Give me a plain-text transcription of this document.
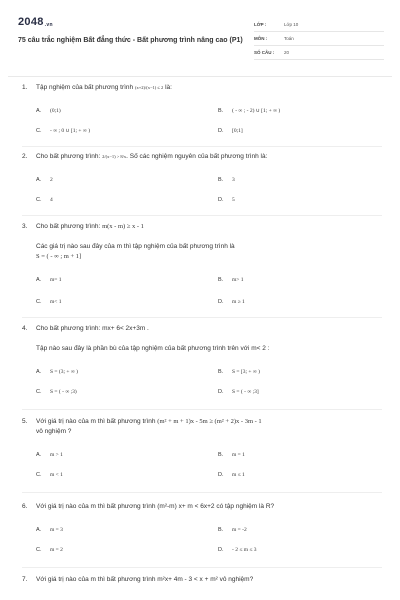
2048.vn
75 câu trắc nghiệm Bất đẳng thức - Bất phương trình nâng cao (P1)
LỚP :	Lớp 10
MÔN :	Toán
SỐ CÂU : 20
1. Tập nghiệm của bất phương trình (x+2)/(x−1) ≤ 2 là:
A. (0;1)	B. ( - ∞ ; - 2) ∪ [1; + ∞ )
C. - ∞ ; 0 ∪ [1; + ∞ )	D. [0;1]
2. Cho bất phương trình: 2/(x−1) > 8/x. Số các nghiệm nguyên của bất phương trình là:
A. 2	B. 3
C. 4	D. 5
3. Cho bất phương trình: m(x - m) ≥ x - 1
Các giá trị nào sau đây của m thì tập nghiệm của bất phương trình là
S = ( - ∞ ; m + 1]
A. m= 1	B. m> 1
C. m< 1	D. m ≥ 1
4. Cho bất phương trình: mx+ 6< 2x+3m .
Tập nào sau đây là phần bù của tập nghiệm của bất phương trình trên với m< 2 :
A. S = (3; + ∞ )	B. S = [3; + ∞ )
C. S = ( - ∞ ;3)	D. S = ( - ∞ ;3]
5. Với giá trị nào của m thì bất phương trình (m² + m + 1)x - 5m ≥ (m² + 2)x - 3m - 1
vô nghiệm ?
A. m > 1	B. m = 1
C. m < 1	D. m ≤ 1
6. Với giá trị nào của m thì bất phương trình (m²-m) x+ m < 6x+2 có tập nghiệm là R?
A. m = 3	B. m = -2
C. m = 2	D. - 2 ≤ m ≤ 3
7. Với giá trị nào của m thì bất phương trình m²x+ 4m - 3 < x + m² vô nghiệm?
